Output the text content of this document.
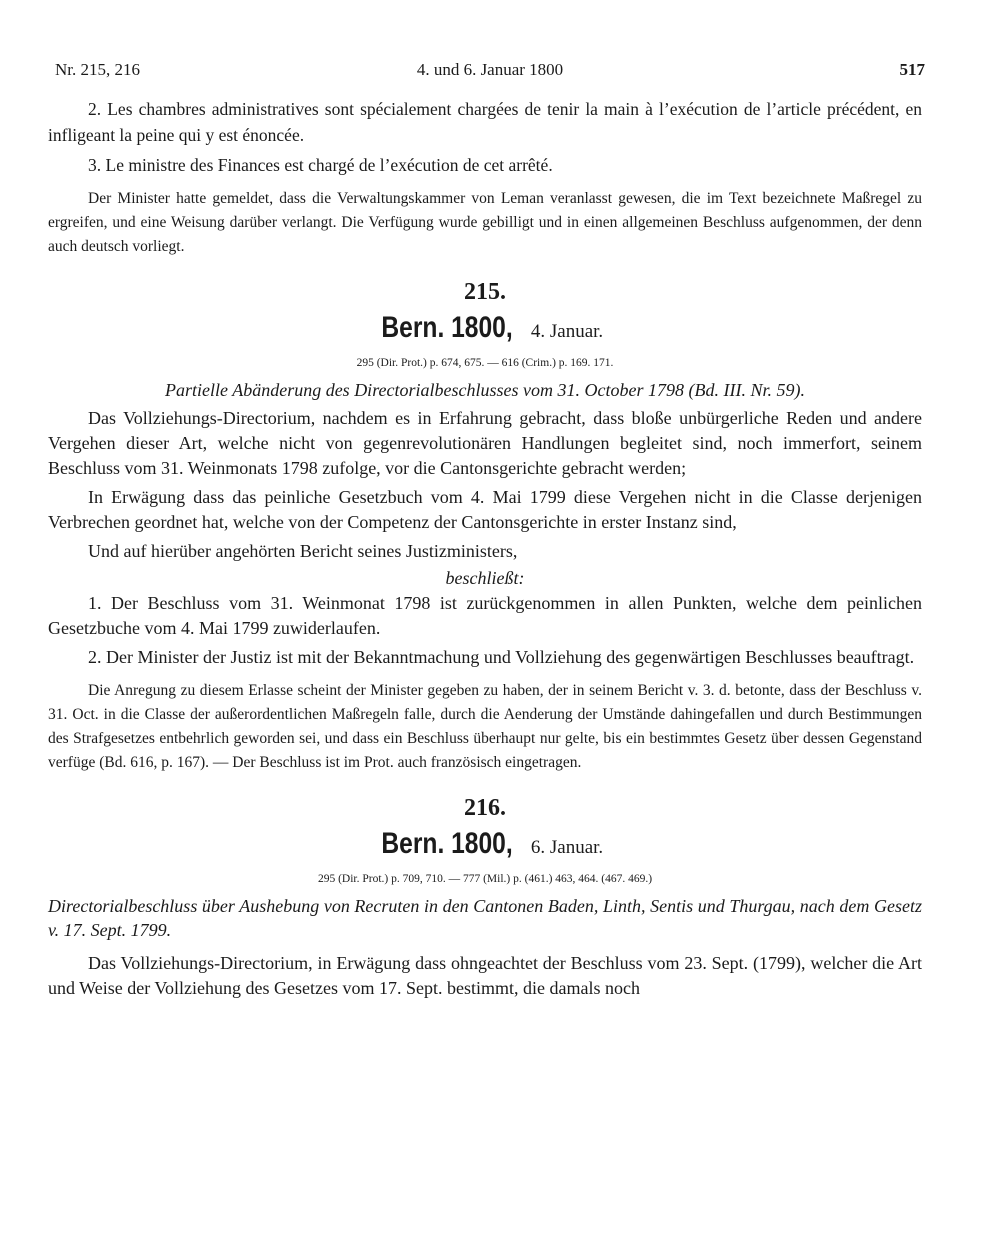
Nr. 215, 216	4. und 6. Januar 1800	517

2. Les chambres administratives sont spécialement chargées de tenir la main à l’exécution de l’article précédent, en infligeant la peine qui y est énoncée.

3. Le ministre des Finances est chargé de l’exécution de cet arrêté.

Der Minister hatte gemeldet, dass die Verwaltungskammer von Leman veranlasst gewesen, die im Text bezeichnete Maßregel zu ergreifen, und eine Weisung darüber verlangt. Die Verfügung wurde gebilligt und in einen allgemeinen Beschluss aufgenommen, der denn auch deutsch vorliegt.

215.
Bern. 1800, 4. Januar.
295 (Dir. Prot.) p. 674, 675. — 616 (Crim.) p. 169. 171.

Partielle Abänderung des Directorialbeschlusses vom 31. October 1798 (Bd. III. Nr. 59).

Das Vollziehungs-Directorium, nachdem es in Erfahrung gebracht, dass bloße unbürgerliche Reden und andere Vergehen dieser Art, welche nicht von gegenrevolutionären Handlungen begleitet sind, noch immerfort, seinem Beschluss vom 31. Weinmonats 1798 zufolge, vor die Cantonsgerichte gebracht werden;

In Erwägung dass das peinliche Gesetzbuch vom 4. Mai 1799 diese Vergehen nicht in die Classe derjenigen Verbrechen geordnet hat, welche von der Competenz der Cantonsgerichte in erster Instanz sind,

Und auf hierüber angehörten Bericht seines Justizministers,

beschließt:

1. Der Beschluss vom 31. Weinmonat 1798 ist zurückgenommen in allen Punkten, welche dem peinlichen Gesetzbuche vom 4. Mai 1799 zuwiderlaufen.

2. Der Minister der Justiz ist mit der Bekanntmachung und Vollziehung des gegenwärtigen Beschlusses beauftragt.

Die Anregung zu diesem Erlasse scheint der Minister gegeben zu haben, der in seinem Bericht v. 3. d. betonte, dass der Beschluss v. 31. Oct. in die Classe der außerordentlichen Maßregeln falle, durch die Aenderung der Umstände dahingefallen und durch Bestimmungen des Strafgesetzes entbehrlich geworden sei, und dass ein Beschluss überhaupt nur gelte, bis ein bestimmtes Gesetz über dessen Gegenstand verfüge (Bd. 616, p. 167). — Der Beschluss ist im Prot. auch französisch eingetragen.

216.
Bern. 1800, 6. Januar.
295 (Dir. Prot.) p. 709, 710. — 777 (Mil.) p. (461.) 463, 464. (467. 469.)

Directorialbeschluss über Aushebung von Recruten in den Cantonen Baden, Linth, Sentis und Thurgau, nach dem Gesetz v. 17. Sept. 1799.

Das Vollziehungs-Directorium, in Erwägung dass ohngeachtet der Beschluss vom 23. Sept. (1799), welcher die Art und Weise der Vollziehung des Gesetzes vom 17. Sept. bestimmt, die damals noch
